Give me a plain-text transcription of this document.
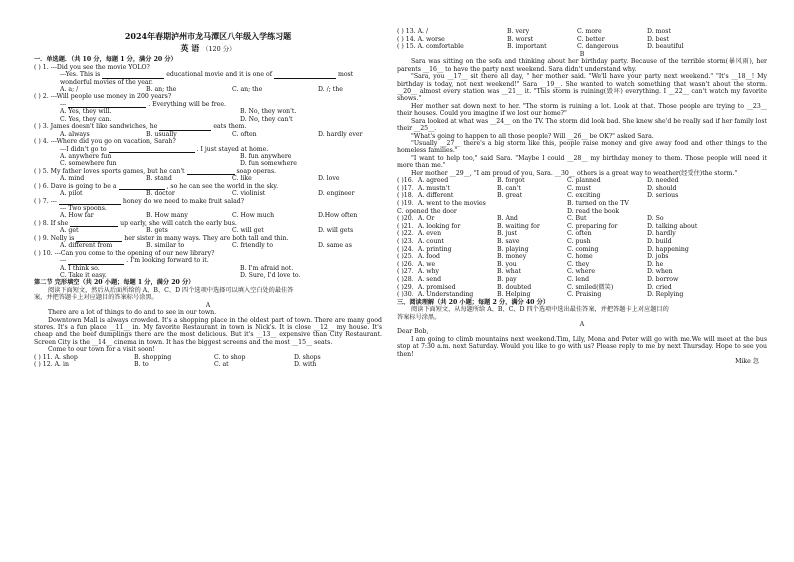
2024年春期泸州市龙马潭区八年级入学练习题
英 语 （120 分）
一．单选题．（共 10 分，每题 1 分，满分 20 分）
( ) 1. ---Did you see the movie YOLO?
---Yes. This is	educational movie and it is one of	most
wonderful movies of the year.
A. a; /	B. an; the	C. an; the	D. /; the
( ) 2. ---Will people use money in 200 years?
---	. Everything will be free.
A. Yes, they will.	B. No, they won't.
C. Yes, they can.	D. No, they can't
( ) 3. James doesn't like sandwiches, he	eats them.
A. always	B. usually	C. often	D. hardly ever
( ) 4. ---Where did you go on vacation, Sarah?
---I didn't go to	. I just stayed at home.
A. anywhere fun	B. fun anywhere
C. somewhere fun	D. fun somewhere
( ) 5. My father loves sports games, but he can't	soap operas.
A. mind	B. stand	C. like	D. love
( ) 6. Dave is going to be a	, so he can see the world in the sky.
A. pilot	B. doctor	C. violinist	D. engineer
( ) 7. ---	honey do we need to make fruit salad?
--- Two spoons.
A. How far	B. How many	C. How much	D.How often
( ) 8. If she	up early, she will catch the early bus.
A. get	B. gets	C. will get	D. will gets
( ) 9. Nelly is	her sister in many ways. They are both tall and thin.
A. different from	B. similar to	C. friendly to	D. same as
( ) 10. ---Can you come to the opening of our new library?
---	. I'm looking forward to it.
A. I think so.	B. I'm afraid not.
C. Take it easy.	D. Sure, I'd love to.
第二节 完形填空（共 20 小题；每题 1 分，满分 20 分）
阅读下面短文，然后从后面所给的 A、B、C、D 四个选项中选择可以填入空白处的最佳答
案，并把答题卡上对应题目的答案标号涂黑。
A

There are a lot of things to do and to see in our town.

Downtown Mall is always crowded. It's a shopping place in the oldest part of town. There are many good stores. It's a fun place __11__ in. My favorite Restaurant in town is Nick's. It is close __12__ my house. It's cheap and the beef dumplings there are the most delicious. But it's __13__ expensive than City Restaurant. Screen City is the __14__ cinema in town. It has the biggest screens and the most __15__ seats.

Come to our town for a visit soon!

( ) 11. A. shop	B. shopping	C. to shop	D. shops
( ) 12. A. in	B. to	C. at	D. with
( ) 13. A. /	B. very	C. more	D. most
( ) 14. A. worse	B. worst	C. better	D. best
( ) 15. A. comfortable	B. important	C. dangerous	D. beautiful
B

Sara was sitting on the sofa and thinking about her birthday party. Because of the terrible storm(暴风雨), her parents __16__ to have the party next weekend. Sara didn't understand why.

"Sara, you __17__ sit there all day, " her mother said. "We'll have your party next weekend." "It's __18__! My birthday is today, not next weekend!" Sara __19__. She wanted to watch something that wasn't about the storm. __20__ almost every station was __21__ it. "This storm is ruining(毁坏) everything. I __22__ can't watch my favorite shows."

Her mother sat down next to her. "The storm is ruining a lot. Look at that. Those people are trying to __23__ their houses. Could you imagine if we lost our home?"

Sara looked at what was __24__ on the TV. The storm did look bad. She knew she'd be really sad if her family lost their __25__.

"What's going to happen to all those people? Will __26__ be OK?" asked Sara.

"Usually __27__ there's a big storm like this, people raise money and give away food and other things to the homeless families."

"I want to help too," said Sara. "Maybe I could __28__ my birthday money to them. Those people will need it more than me."

Her mother __29__, "I am proud of you, Sara. __30__ others is a great way to weather(经受住)the storm."

( )16．A. agreed	B. forgot	C. planned	D. needed
( )17．A. mustn't	B. can't	C. must	D. should
( )18．A. different	B. great	C. exciting	D. serious
( )19．A. went to the movies	B. turned on the TV
C. opened the door	D. read the book
( )20．A. Or	B. And	C. But	D. So
( )21．A. looking for	B. waiting for	C. preparing for	D. talking about
( )22．A. even	B. just	C. often	D. hardly
( )23．A. count	B. save	C. push	D. build
( )24．A. printing	B. playing	C. coming	D. happening
( )25．A. food	B. money	C. home	D. jobs
( )26．A. we	B. you	C. they	D. he
( )27．A. why	B. what	C. where	D. when
( )28．A. send	B. pay	C. lend	D. borrow
( )29．A. promised	B. doubted	C. smiled(微笑)	D. cried
( )30．A. Understanding	B. Helping	C. Praising	D. Replying
三、阅读理解（共 20 小题；每题 2 分，满分 40 分）
阅读下面短文，从每题所给 A、B、C、D 四个选项中选出最佳答案，并把答题卡上对应题目的
答案标号涂黑。
A
Dear Bob,

I am going to climb mountains next weekend.Tim, Lily, Mona and Peter will go with me.We will meet at the bus stop at 7:30 a.m. next Saturday. Would you like to go with us? Please reply to me by next Thursday. Hope to see you then!

Mike 忽
